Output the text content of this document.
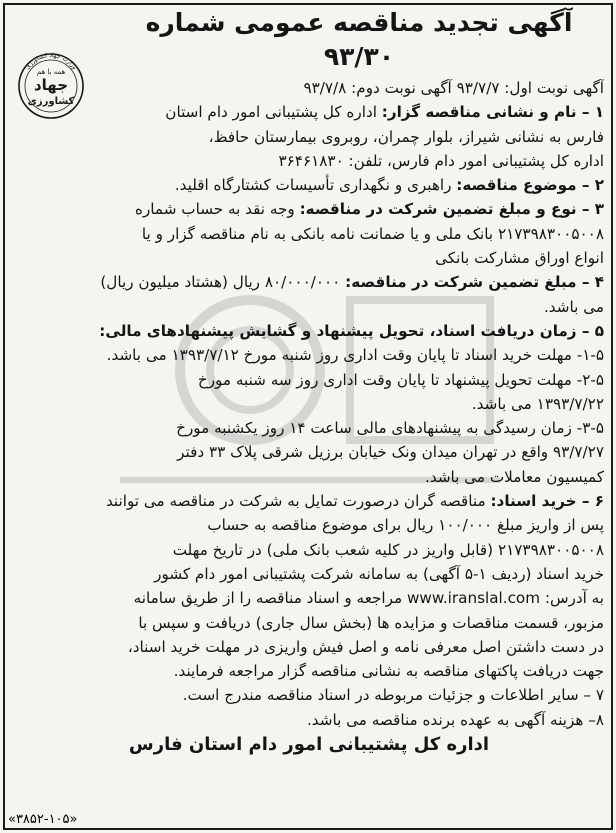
وزارت جهاد کشاورزی
همه با هم
جهاد
کشاورزی
آگهی تجدید مناقصه عمومی شماره ۹۳/۳۰
آگهی نوبت اول: ۹۳/۷/۷ آگهی نوبت دوم: ۹۳/۷/۸
۱ – نام و نشانی مناقصه گزار: اداره کل پشتیبانی امور دام استان
فارس به نشانی شیراز، بلوار چمران، روبروی بیمارستان حافظ،
اداره کل پشتیبانی امور دام فارس، تلفن: ۳۶۴۶۱۸۳۰
۲ – موضوع مناقصه: راهبری و نگهداری تأسیسات کشتارگاه اقلید.
۳ – نوع و مبلغ تضمین شرکت در مناقصه: وجه نقد به حساب شماره
۲۱۷۳۹۸۳۰۰۵۰۰۸ بانک ملی و یا ضمانت نامه بانکی به نام مناقصه گزار و یا
انواع اوراق مشارکت بانکی
۴ – مبلغ تضمین شرکت در مناقصه: ۸۰/۰۰۰/۰۰۰ ریال (هشتاد میلیون ریال)
می باشد.
۵ – زمان دریافت اسناد، تحویل پیشنهاد و گشایش پیشنهادهای مالی:
۱-۵- مهلت خرید اسناد تا پایان وقت اداری روز شنبه مورخ ۱۳۹۳/۷/۱۲ می باشد.
۲-۵- مهلت تحویل پیشنهاد تا پایان وقت اداری روز سه شنبه مورخ
۱۳۹۳/۷/۲۲ می باشد.
۳-۵- زمان رسیدگی به پیشنهادهای مالی ساعت ۱۴ روز یکشنبه مورخ
۹۳/۷/۲۷ واقع در تهران میدان ونک خیابان برزیل شرقی پلاک ۳۳ دفتر
کمیسیون معاملات می باشد.
۶ – خرید اسناد: مناقصه گران درصورت تمایل به شرکت در مناقصه می توانند
پس از واریز مبلغ ۱۰۰/۰۰۰ ریال برای موضوع مناقصه به حساب
۲۱۷۳۹۸۳۰۰۵۰۰۸ (قابل واریز در کلیه شعب بانک ملی) در تاریخ مهلت
خرید اسناد (ردیف ۱-۵ آگهی) به سامانه شرکت پشتیبانی امور دام کشور
به آدرس: www.iranslal.com مراجعه و اسناد مناقصه را از طریق سامانه
مزبور، قسمت مناقصات و مزایده ها (بخش سال جاری) دریافت و سپس با
در دست داشتن اصل معرفی نامه و اصل فیش واریزی در مهلت خرید اسناد،
جهت دریافت پاکتهای مناقصه به نشانی مناقصه گزار مراجعه فرمایند.
۷ – سایر اطلاعات و جزئیات مربوطه در اسناد مناقصه مندرج است.
۸– هزینه آگهی به عهده برنده مناقصه می باشد.
اداره کل پشتیبانی امور دام استان فارس
«۳۸۵۲-۱۰۵»
